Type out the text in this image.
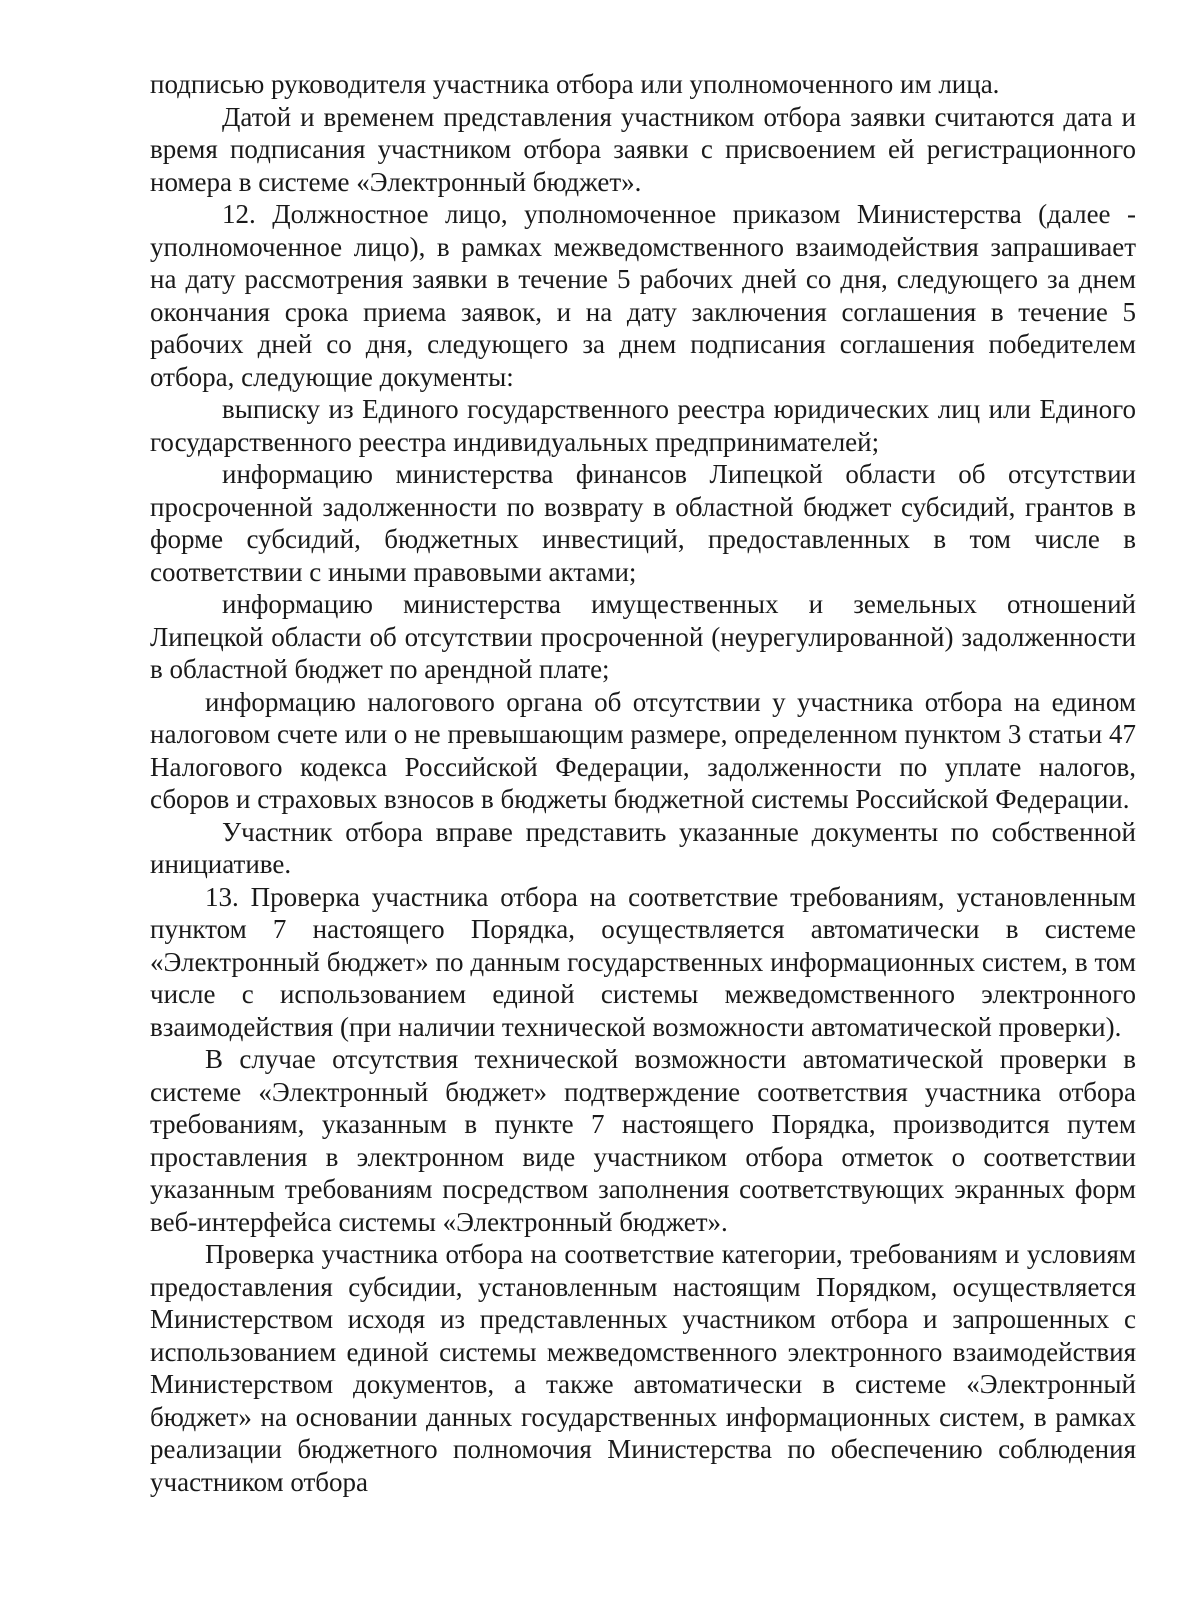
подписью руководителя участника отбора или уполномоченного им лица.

Датой и временем представления участником отбора заявки считаются дата и время подписания участником отбора заявки с присвоением ей регистрационного номера в системе «Электронный бюджет».

12. Должностное лицо, уполномоченное приказом Министерства (далее - уполномоченное лицо), в рамках межведомственного взаимодействия запрашивает на дату рассмотрения заявки в течение 5 рабочих дней со дня, следующего за днем окончания срока приема заявок, и на дату заключения соглашения в течение 5 рабочих дней со дня, следующего за днем подписания соглашения победителем отбора, следующие документы:

выписку из Единого государственного реестра юридических лиц или Единого государственного реестра индивидуальных предпринимателей;

информацию министерства финансов Липецкой области об отсутствии просроченной задолженности по возврату в областной бюджет субсидий, грантов в форме субсидий, бюджетных инвестиций, предоставленных в том числе в соответствии с иными правовыми актами;

информацию министерства имущественных и земельных отношений Липецкой области об отсутствии просроченной (неурегулированной) задолженности в областной бюджет по арендной плате;

информацию налогового органа об отсутствии у участника отбора на едином налоговом счете или о не превышающим размере, определенном пунктом 3 статьи 47 Налогового кодекса Российской Федерации, задолженности по уплате налогов, сборов и страховых взносов в бюджеты бюджетной системы Российской Федерации.

Участник отбора вправе представить указанные документы по собственной инициативе.

13. Проверка участника отбора на соответствие требованиям, установленным пунктом 7 настоящего Порядка, осуществляется автоматически в системе «Электронный бюджет» по данным государственных информационных систем, в том числе с использованием единой системы межведомственного электронного взаимодействия (при наличии технической возможности автоматической проверки).

В случае отсутствия технической возможности автоматической проверки в системе «Электронный бюджет» подтверждение соответствия участника отбора требованиям, указанным в пункте 7 настоящего Порядка, производится путем проставления в электронном виде участником отбора отметок о соответствии указанным требованиям посредством заполнения соответствующих экранных форм веб-интерфейса системы «Электронный бюджет».

Проверка участника отбора на соответствие категории, требованиям и условиям предоставления субсидии, установленным настоящим Порядком, осуществляется Министерством исходя из представленных участником отбора и запрошенных с использованием единой системы межведомственного электронного взаимодействия Министерством документов, а также автоматически в системе «Электронный бюджет» на основании данных государственных информационных систем, в рамках реализации бюджетного полномочия Министерства по обеспечению соблюдения участником отбора
